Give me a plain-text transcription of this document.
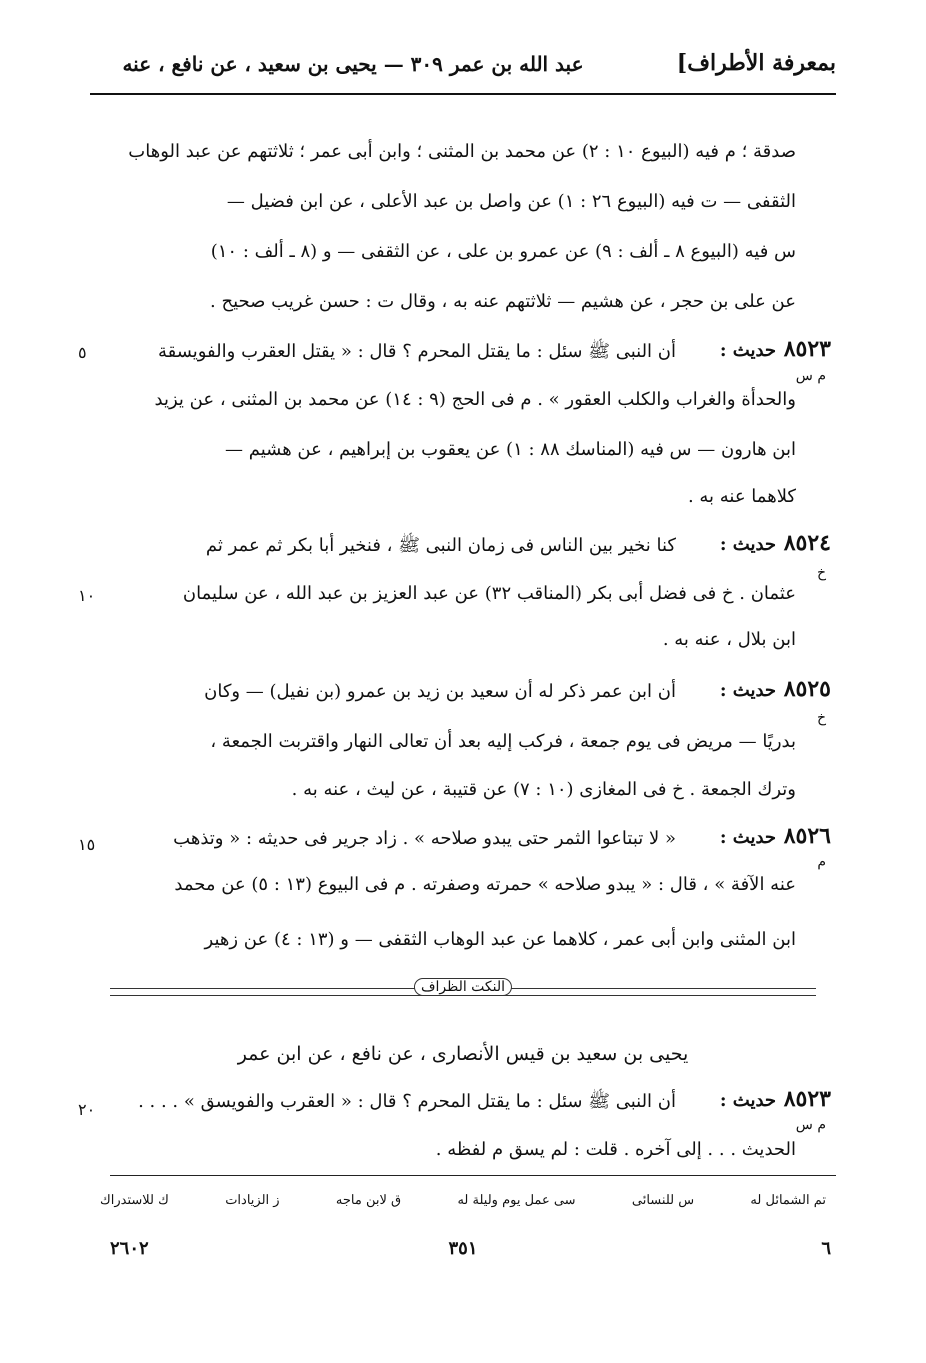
بمعرفة الأطراف]
عبد الله بن عمر ٣٠٩ — يحيى بن سعيد ، عن نافع ، عنه
صدقة ؛ م فيه (البيوع ١٠ : ٢) عن محمد بن المثنى ؛ وابن أبى عمر ؛ ثلاثتهم عن عبد الوهاب
الثقفى — ت فيه (البيوع ٢٦ : ١) عن واصل بن عبد الأعلى ، عن ابن فضيل —
س فيه (البيوع ٨ ـ ألف : ٩) عن عمرو بن على ، عن الثقفى — و (٨ ـ ألف : ١٠)
عن على بن حجر ، عن هشيم — ثلاثتهم عنه به ، وقال ت : حسن غريب صحيح .
٨٥٢٣ حديث :
أن النبى ﷺ سئل : ما يقتل المحرم ؟ قال : « يقتل العقرب والفويسقة
٥
م س
والحدأة والغراب والكلب العقور » . م فى الحج (٩ : ١٤) عن محمد بن المثنى ، عن يزيد
ابن هارون — س فيه (المناسك ٨٨ : ١) عن يعقوب بن إبراهيم ، عن هشيم —
كلاهما عنه به .
٨٥٢٤ حديث :
كنا نخير بين الناس فى زمان النبى ﷺ ، فنخير أبا بكر ثم عمر ثم
خ
عثمان . خ فى فضل أبى بكر (المناقب ٣٢) عن عبد العزيز بن عبد الله ، عن سليمان
١٠
ابن بلال ، عنه به .
٨٥٢٥ حديث :
أن ابن عمر ذكر له أن سعيد بن زيد بن عمرو (بن نفيل) — وكان
خ
بدريًا — مريض فى يوم جمعة ، فركب إليه بعد أن تعالى النهار واقتربت الجمعة ،
وترك الجمعة . خ فى المغازى (١٠ : ٧) عن قتيبة ، عن ليث ، عنه به .
٨٥٢٦ حديث :
« لا تبتاعوا الثمر حتى يبدو صلاحه » . زاد جرير فى حديثه : « وتذهب
١٥
م
عنه الآفة » ، قال : « يبدو صلاحه » حمرته وصفرته . م فى البيوع (١٣ : ٥) عن محمد
ابن المثنى وابن أبى عمر ، كلاهما عن عبد الوهاب الثقفى — و (١٣ : ٤) عن زهير
النكت الظراف
يحيى بن سعيد بن قيس الأنصارى ، عن نافع ، عن ابن عمر
٨٥٢٣ حديث :
أن النبى ﷺ سئل : ما يقتل المحرم ؟ قال : « العقرب والفويسق » . . . .
٢٠
م س
الحديث . . . إلى آخره . قلت : لم يسق م لفظه .
تم الشمائل له
س للنسائى
سى عمل يوم وليلة له
ق لابن ماجه
ز الزيادات
ك للاستدراك
٦
٣٥١
٢٦٠٢
